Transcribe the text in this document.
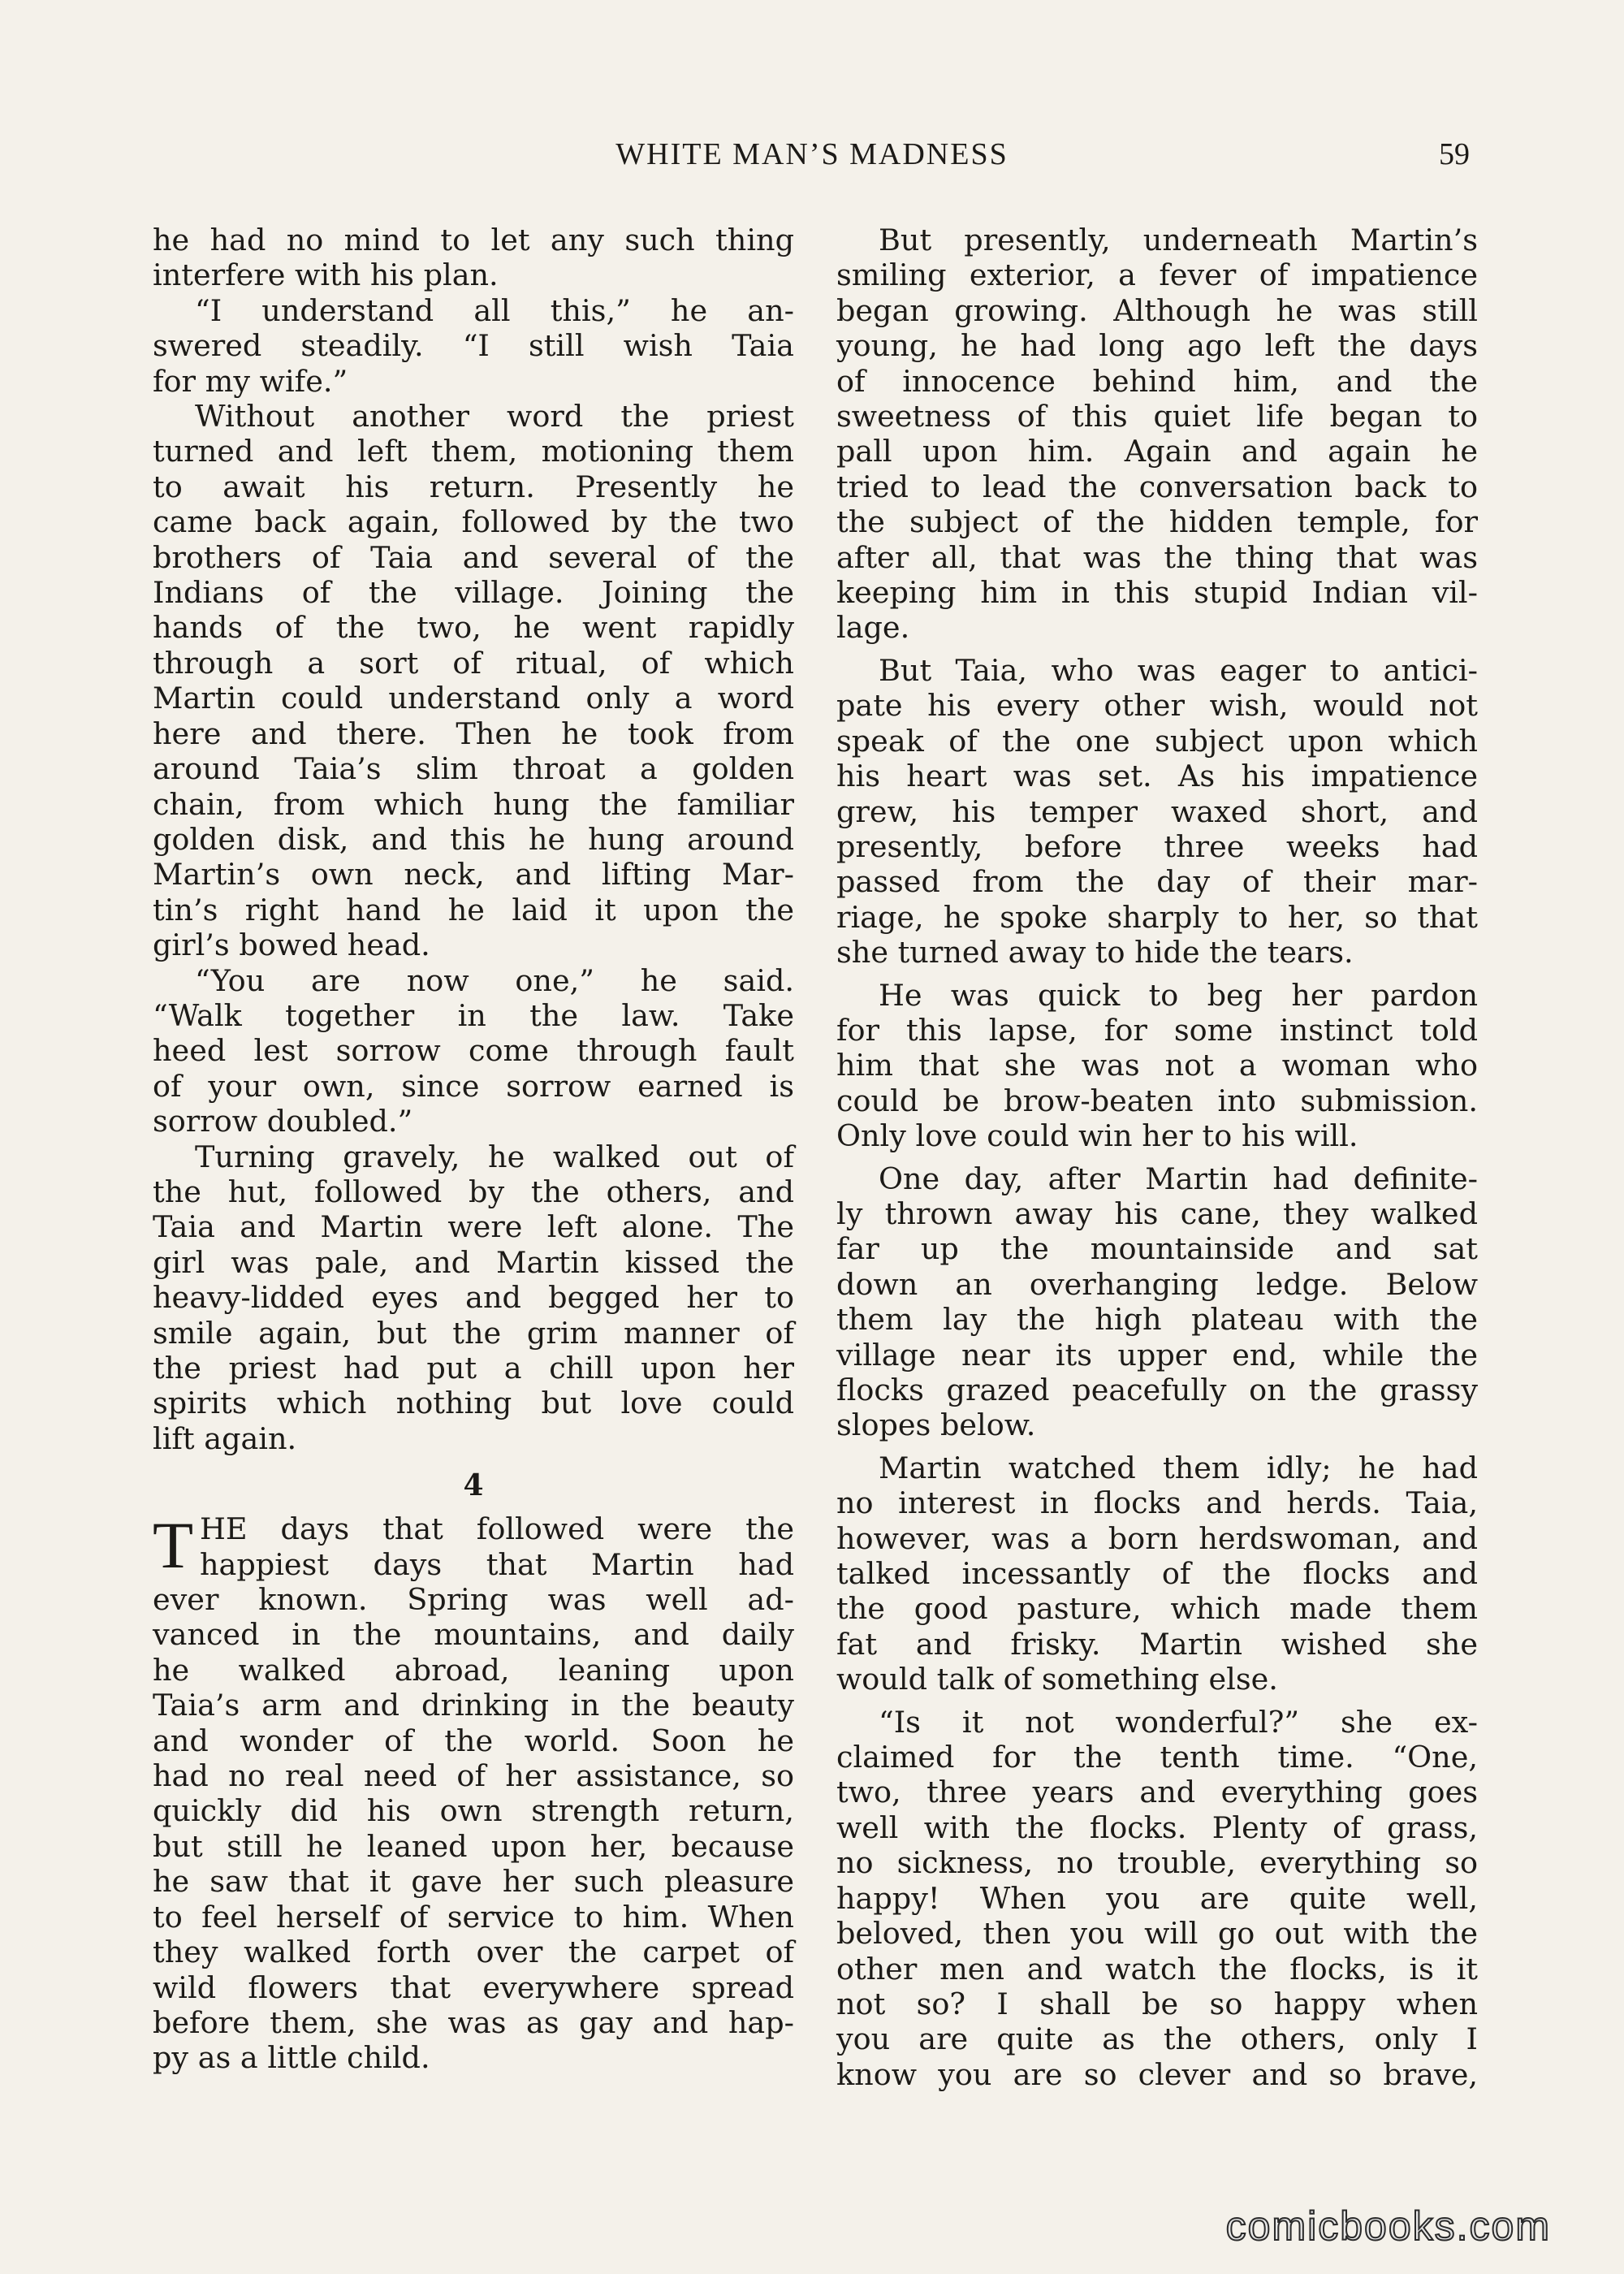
WHITE MAN’S MADNESS	59
he had no mind to let any such thing
interfere with his plan.
“I understand all this,” he an-
swered steadily. “I still wish Taia
for my wife.”
Without another word the priest
turned and left them, motioning them
to await his return. Presently he
came back again, followed by the two
brothers of Taia and several of the
Indians of the village. Joining the
hands of the two, he went rapidly
through a sort of ritual, of which
Martin could understand only a word
here and there. Then he took from
around Taia’s slim throat a golden
chain, from which hung the familiar
golden disk, and this he hung around
Martin’s own neck, and lifting Mar-
tin’s right hand he laid it upon the
girl’s bowed head.
“You are now one,” he said.
“Walk together in the law. Take
heed lest sorrow come through fault
of your own, since sorrow earned is
sorrow doubled.”
Turning gravely, he walked out of
the hut, followed by the others, and
Taia and Martin were left alone. The
girl was pale, and Martin kissed the
heavy-lidded eyes and begged her to
smile again, but the grim manner of
the priest had put a chill upon her
spirits which nothing but love could
lift again.
4
T HE days that followed were the
happiest days that Martin had
ever known. Spring was well ad-
vanced in the mountains, and daily
he walked abroad, leaning upon
Taia’s arm and drinking in the beauty
and wonder of the world. Soon he
had no real need of her assistance, so
quickly did his own strength return,
but still he leaned upon her, because
he saw that it gave her such pleasure
to feel herself of service to him. When
they walked forth over the carpet of
wild flowers that everywhere spread
before them, she was as gay and hap-
py as a little child.
But presently, underneath Martin’s
smiling exterior, a fever of impatience
began growing. Although he was still
young, he had long ago left the days
of innocence behind him, and the
sweetness of this quiet life began to
pall upon him. Again and again he
tried to lead the conversation back to
the subject of the hidden temple, for
after all, that was the thing that was
keeping him in this stupid Indian vil-
lage.
But Taia, who was eager to antici-
pate his every other wish, would not
speak of the one subject upon which
his heart was set. As his impatience
grew, his temper waxed short, and
presently, before three weeks had
passed from the day of their mar-
riage, he spoke sharply to her, so that
she turned away to hide the tears.
He was quick to beg her pardon
for this lapse, for some instinct told
him that she was not a woman who
could be brow-beaten into submission.
Only love could win her to his will.
One day, after Martin had definite-
ly thrown away his cane, they walked
far up the mountainside and sat
down an overhanging ledge. Below
them lay the high plateau with the
village near its upper end, while the
flocks grazed peacefully on the grassy
slopes below.
Martin watched them idly; he had
no interest in flocks and herds. Taia,
however, was a born herdswoman, and
talked incessantly of the flocks and
the good pasture, which made them
fat and frisky. Martin wished she
would talk of something else.
“Is it not wonderful?” she ex-
claimed for the tenth time. “One,
two, three years and everything goes
well with the flocks. Plenty of grass,
no sickness, no trouble, everything so
happy! When you are quite well,
beloved, then you will go out with the
other men and watch the flocks, is it
not so? I shall be so happy when
you are quite as the others, only I
know you are so clever and so brave,
comicbooks.com
